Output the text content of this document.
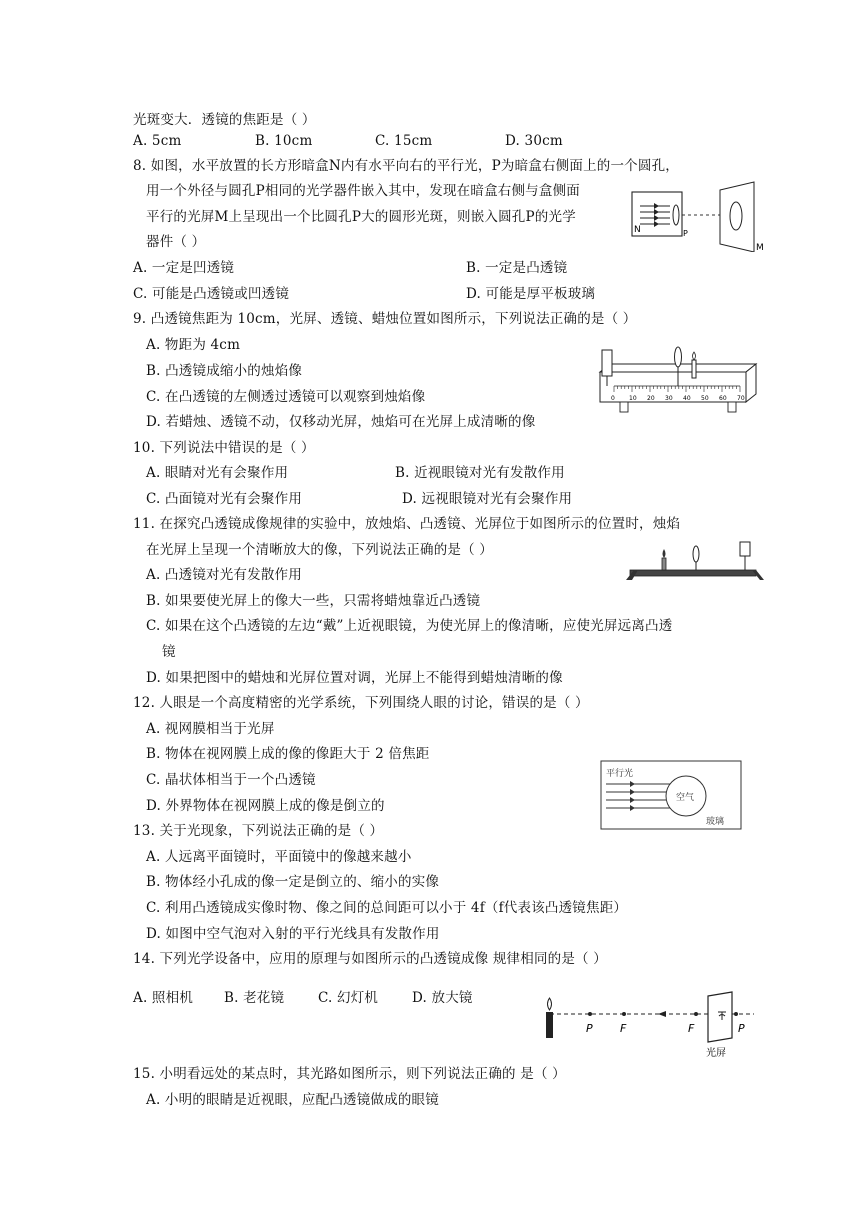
光斑变大．透镜的焦距是（ ）
A. 5cm	B. 10cm	C. 15cm	D. 30cm
8. 如图，水平放置的长方形暗盒N内有水平向右的平行光，P为暗盒右侧面上的一个圆孔，
用一个外径与圆孔P相同的光学器件嵌入其中，发现在暗盒右侧与盒侧面
平行的光屏M上呈现出一个比圆孔P大的圆形光斑，则嵌入圆孔P的光学
器件（ ）
A. 一定是凹透镜	B. 一定是凸透镜
C. 可能是凸透镜或凹透镜	D. 可能是厚平板玻璃
9. 凸透镜焦距为 10cm，光屏、透镜、蜡烛位置如图所示，下列说法正确的是（ ）
A. 物距为 4cm
B. 凸透镜成缩小的烛焰像
C. 在凸透镜的左侧透过透镜可以观察到烛焰像
D. 若蜡烛、透镜不动，仅移动光屏，烛焰可在光屏上成清晰的像
10. 下列说法中错误的是（ ）
A. 眼睛对光有会聚作用	B. 近视眼镜对光有发散作用
C. 凸面镜对光有会聚作用	D. 远视眼镜对光有会聚作用
11. 在探究凸透镜成像规律的实验中，放烛焰、凸透镜、光屏位于如图所示的位置时，烛焰
在光屏上呈现一个清晰放大的像，下列说法正确的是（ ）
A. 凸透镜对光有发散作用
B. 如果要使光屏上的像大一些，只需将蜡烛靠近凸透镜
C. 如果在这个凸透镜的左边“戴”上近视眼镜，为使光屏上的像清晰，应使光屏远离凸透
镜
D. 如果把图中的蜡烛和光屏位置对调，光屏上不能得到蜡烛清晰的像
12. 人眼是一个高度精密的光学系统，下列围绕人眼的讨论，错误的是（ ）
A. 视网膜相当于光屏
B. 物体在视网膜上成的像的像距大于 2 倍焦距
C. 晶状体相当于一个凸透镜
D. 外界物体在视网膜上成的像是倒立的
13. 关于光现象，下列说法正确的是（ ）
A. 人远离平面镜时，平面镜中的像越来越小
B. 物体经小孔成的像一定是倒立的、缩小的实像
C. 利用凸透镜成实像时物、像之间的总间距可以小于 4f（f代表该凸透镜焦距）
D. 如图中空气泡对入射的平行光线具有发散作用
14. 下列光学设备中，应用的原理与如图所示的凸透镜成像 规律相同的是（ ）
A. 照相机 B. 老花镜	C. 幻灯机	D. 放大镜
15. 小明看远处的某点时，其光路如图所示，则下列说法正确的 是（ ）
A. 小明的眼睛是近视眼，应配凸透镜做成的眼镜
N	P
M
0 10 20 30 40 50 60 70
平行光
空气
玻璃
P F	F	P
光屏
